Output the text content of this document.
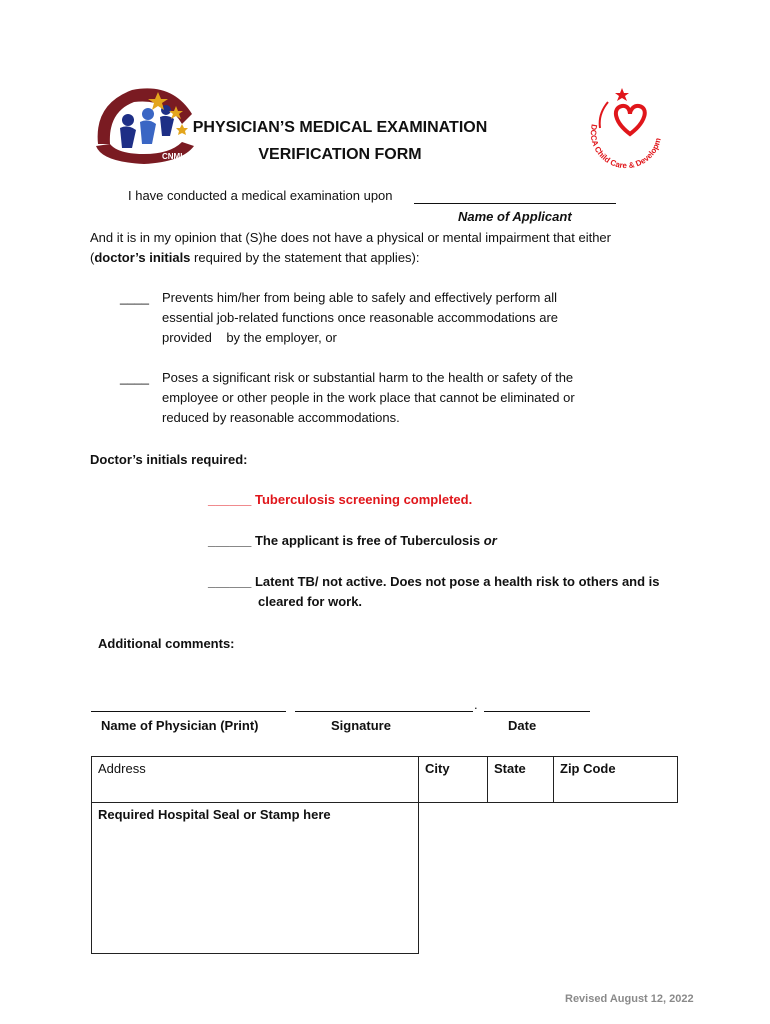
CNMI
PHYSICIAN’S MEDICAL EXAMINATION
VERIFICATION FORM
DCCA Child Care & Developm
I have conducted a medical examination upon
Name of Applicant
And it is in my opinion that (S)he does not have a physical or mental impairment that either
(doctor’s initials required by the statement that applies):
____ Prevents him/her from being able to safely and effectively perform all
essential job-related functions once reasonable accommodations are
provided    by the employer, or
____ Poses a significant risk or substantial harm to the health or safety of the
employee or other people in the work place that cannot be eliminated or
reduced by reasonable accommodations.
Doctor’s initials required:
______ Tuberculosis screening completed.
______ The applicant is free of Tuberculosis or
______ Latent TB/ not active. Does not pose a health risk to others and is
cleared for work.
Additional comments:
.
Name of Physician (Print)	Signature	Date
Address	City	State	Zip Code
Required Hospital Seal or Stamp here			
Revised August 12, 2022
